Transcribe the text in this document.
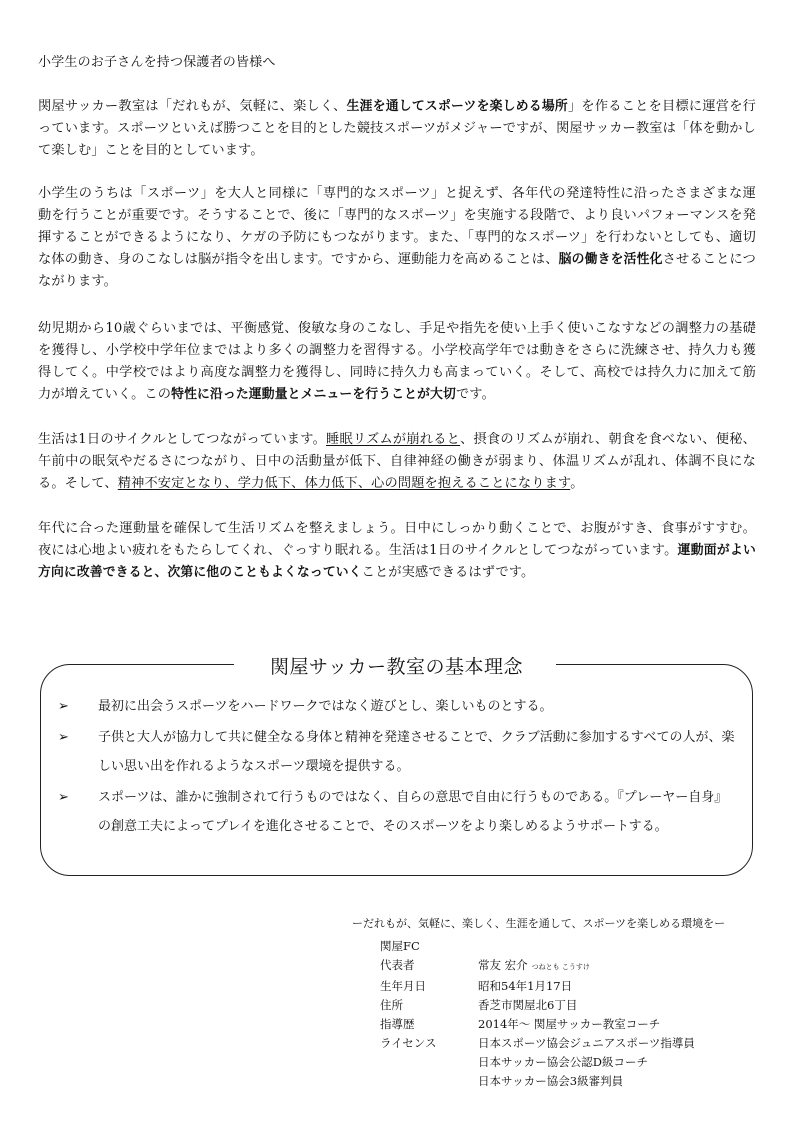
小学生のお子さんを持つ保護者の皆様へ
関屋サッカー教室は「だれもが、気軽に、楽しく、生涯を通してスポーツを楽しめる場所」を作ることを目標に運営を行っています。スポーツといえば勝つことを目的とした競技スポーツがメジャーですが、関屋サッカー教室は「体を動かして楽しむ」ことを目的としています。
小学生のうちは「スポーツ」を大人と同様に「専門的なスポーツ」と捉えず、各年代の発達特性に沿ったさまざまな運動を行うことが重要です。そうすることで、後に「専門的なスポーツ」を実施する段階で、より良いパフォーマンスを発揮することができるようになり、ケガの予防にもつながります。また、「専門的なスポーツ」を行わないとしても、適切な体の動き、身のこなしは脳が指令を出します。ですから、運動能力を高めることは、脳の働きを活性化させることにつながります。
幼児期から10歳ぐらいまでは、平衡感覚、俊敏な身のこなし、手足や指先を使い上手く使いこなすなどの調整力の基礎を獲得し、小学校中学年位まではより多くの調整力を習得する。小学校高学年では動きをさらに洗練させ、持久力も獲得してく。中学校ではより高度な調整力を獲得し、同時に持久力も高まっていく。そして、高校では持久力に加えて筋力が増えていく。この特性に沿った運動量とメニューを行うことが大切です。
生活は1日のサイクルとしてつながっています。睡眠リズムが崩れると、摂食のリズムが崩れ、朝食を食べない、便秘、午前中の眠気やだるさにつながり、日中の活動量が低下、自律神経の働きが弱まり、体温リズムが乱れ、体調不良になる。そして、精神不安定となり、学力低下、体力低下、心の問題を抱えることになります。
年代に合った運動量を確保して生活リズムを整えましょう。日中にしっかり動くことで、お腹がすき、食事がすすむ。夜には心地よい疲れをもたらしてくれ、ぐっすり眠れる。生活は1日のサイクルとしてつながっています。運動面がよい方向に改善できると、次第に他のこともよくなっていくことが実感できるはずです。
関屋サッカー教室の基本理念
➢ 最初に出会うスポーツをハードワークではなく遊びとし、楽しいものとする。
➢ 子供と大人が協力して共に健全なる身体と精神を発達させることで、クラブ活動に参加するすべての人が、楽しい思い出を作れるようなスポーツ環境を提供する。
➢ スポーツは、誰かに強制されて行うものではなく、自らの意思で自由に行うものである。『プレーヤー自身』の創意工夫によってプレイを進化させることで、そのスポーツをより楽しめるようサポートする。
ーだれもが、気軽に、楽しく、生涯を通して、スポーツを楽しめる環境をー
関屋FC
代表者	常友 宏介 つねとも こうすけ
生年月日	昭和54年1月17日
住所	香芝市関屋北6丁目
指導歴	2014年～ 関屋サッカー教室コーチ
ライセンス	日本スポーツ協会ジュニアスポーツ指導員
日本サッカー協会公認D級コーチ
日本サッカー協会3級審判員
